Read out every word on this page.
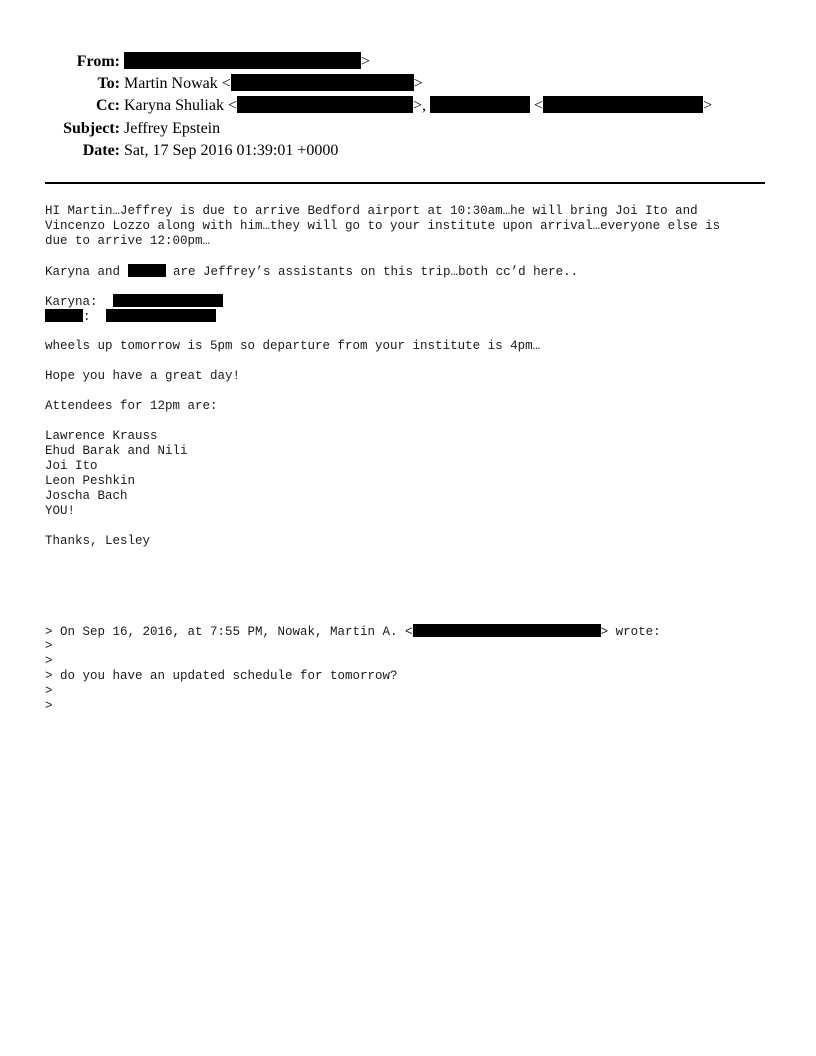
From:	>
To: Martin Nowak <	>
Cc: Karyna Shuliak <	>,	<	>
Subject: Jeffrey Epstein
Date: Sat, 17 Sep 2016 01:39:01 +0000
HI Martin…Jeffrey is due to arrive Bedford airport at 10:30am…he will bring Joi Ito and
Vincenzo Lozzo along with him…they will go to your institute upon arrival…everyone else is
due to arrive 12:00pm…
Karyna and	are Jeffrey’s assistants on this trip…both cc’d here..
Karyna:
:
wheels up tomorrow is 5pm so departure from your institute is 4pm…
Hope you have a great day!
Attendees for 12pm are:
Lawrence Krauss
Ehud Barak and Nili
Joi Ito
Leon Peshkin
Joscha Bach
YOU!
Thanks, Lesley
> On Sep 16, 2016, at 7:55 PM, Nowak, Martin A. <	> wrote:
>
>
> do you have an updated schedule for tomorrow?
>
>
